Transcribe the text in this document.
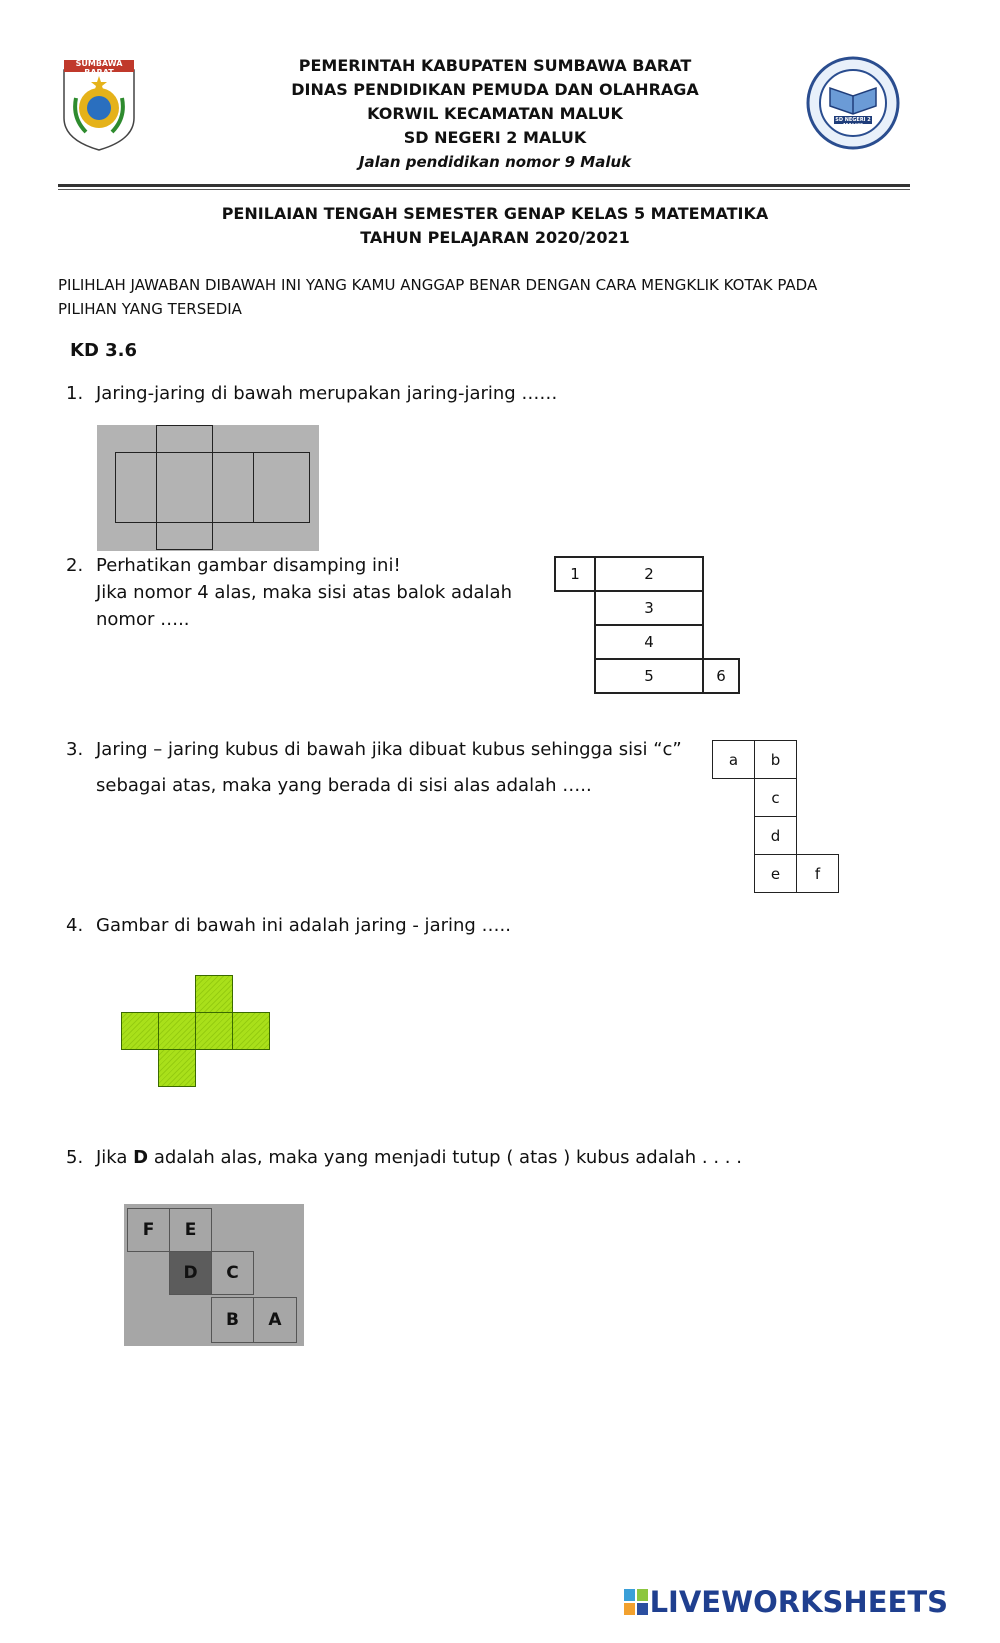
SUMBAWA BARAT	PEMERINTAH KABUPATEN SUMBAWA BARAT
DINAS PENDIDIKAN PEMUDA DAN OLAHRAGA
KORWIL KECAMATAN MALUK
SD NEGERI 2 MALUK
Jalan pendidikan nomor 9 Maluk
SD NEGERI 2 MALUK
PENILAIAN TENGAH SEMESTER GENAP KELAS 5 MATEMATIKA
TAHUN PELAJARAN 2020/2021
PILIHLAH JAWABAN DIBAWAH INI YANG KAMU ANGGAP BENAR DENGAN CARA MENGKLIK KOTAK PADA
PILIHAN YANG TERSEDIA
KD 3.6
1. Jaring-jaring di bawah merupakan jaring-jaring ……
2. Perhatikan gambar disamping ini!
Jika nomor 4 alas, maka sisi atas balok adalah
nomor …..
1	2
3
4
5	6
3. Jaring – jaring kubus di bawah jika dibuat kubus sehingga sisi “c”
sebagai atas, maka yang berada di sisi alas adalah …..
a	b
c
d
e	f
4. Gambar di bawah ini adalah jaring - jaring …..
5. Jika D adalah alas, maka yang menjadi tutup ( atas ) kubus adalah . . . .
F	E
D	C
B	A
LIVEWORKSHEETS
